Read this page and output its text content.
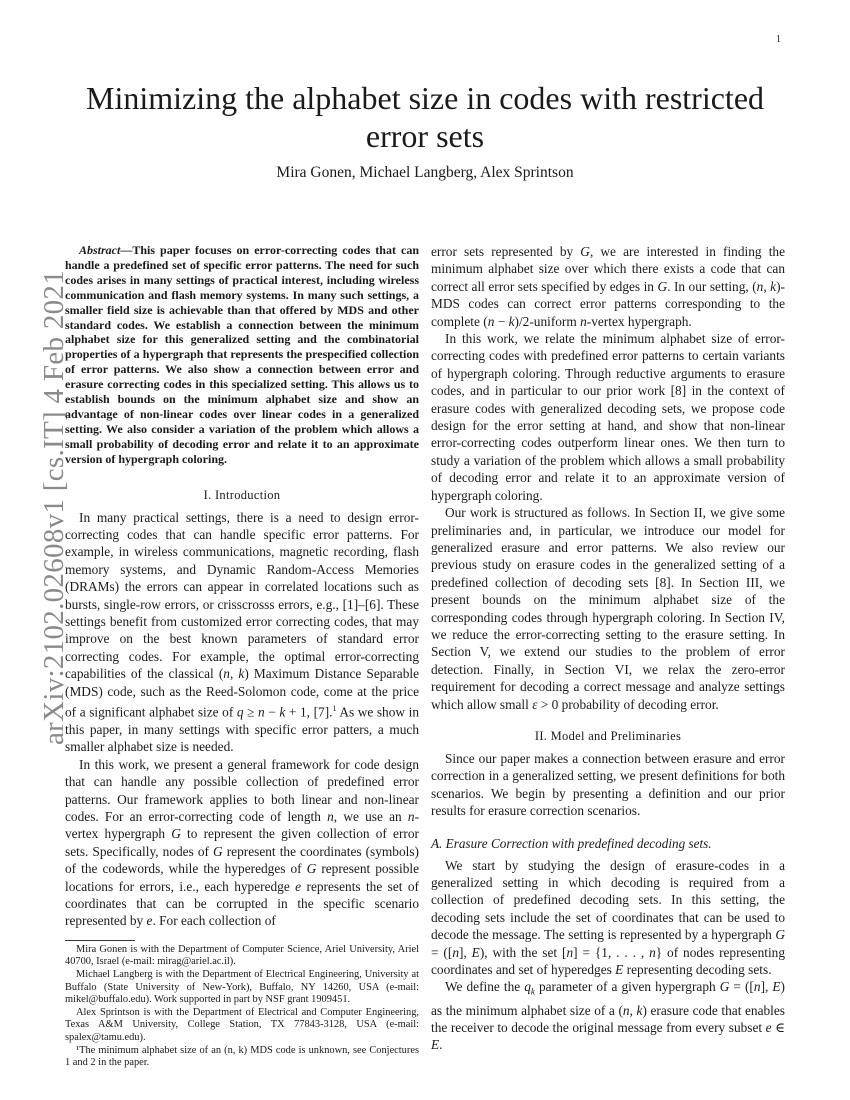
1
arXiv:2102.02608v1 [cs.IT] 4 Feb 2021
Minimizing the alphabet size in codes with restricted error sets
Mira Gonen, Michael Langberg, Alex Sprintson

Abstract—This paper focuses on error-correcting codes that can handle a predefined set of specific error patterns. The need for such codes arises in many settings of practical interest, including wireless communication and flash memory systems. In many such settings, a smaller field size is achievable than that offered by MDS and other standard codes. We establish a connection between the minimum alphabet size for this generalized setting and the combinatorial properties of a hypergraph that represents the prespecified collection of error patterns. We also show a connection between error and erasure correcting codes in this specialized setting. This allows us to establish bounds on the minimum alphabet size and show an advantage of non-linear codes over linear codes in a generalized setting. We also consider a variation of the problem which allows a small probability of decoding error and relate it to an approximate version of hypergraph coloring.

I. Introduction

In many practical settings, there is a need to design error-correcting codes that can handle specific error patterns. For example, in wireless communications, magnetic recording, flash memory systems, and Dynamic Random-Access Memories (DRAMs) the errors can appear in correlated locations such as bursts, single-row errors, or crisscrosss errors, e.g., [1]–[6]. These settings benefit from customized error correcting codes, that may improve on the best known parameters of standard error correcting codes. For example, the optimal error-correcting capabilities of the classical (n, k) Maximum Distance Separable (MDS) code, such as the Reed-Solomon code, come at the price of a significant alphabet size of q ≥ n − k + 1, [7].$^1$ As we show in this paper, in many settings with specific error patters, a much smaller alphabet size is needed.

In this work, we present a general framework for code design that can handle any possible collection of predefined error patterns. Our framework applies to both linear and non-linear codes. For an error-correcting code of length n, we use an n-vertex hypergraph G to represent the given collection of error sets. Specifically, nodes of G represent the coordinates (symbols) of the codewords, while the hyperedges of G represent possible locations for errors, i.e., each hyperedge e represents the set of coordinates that can be corrupted in the specific scenario represented by e. For each collection of

Mira Gonen is with the Department of Computer Science, Ariel University, Ariel 40700, Israel (e-mail: mirag@ariel.ac.il).

Michael Langberg is with the Department of Electrical Engineering, University at Buffalo (State University of New-York), Buffalo, NY 14260, USA (e-mail: mikel@buffalo.edu). Work supported in part by NSF grant 1909451.

Alex Sprintson is with the Department of Electrical and Computer Engineering, Texas A&M University, College Station, TX 77843-3128, USA (e-mail: spalex@tamu.edu).

¹The minimum alphabet size of an (n, k) MDS code is unknown, see Conjectures 1 and 2 in the paper.

error sets represented by G, we are interested in finding the minimum alphabet size over which there exists a code that can correct all error sets specified by edges in G. In our setting, (n, k)-MDS codes can correct error patterns corresponding to the complete (n − k)/2-uniform n-vertex hypergraph.

In this work, we relate the minimum alphabet size of error-correcting codes with predefined error patterns to certain variants of hypergraph coloring. Through reductive arguments to erasure codes, and in particular to our prior work [8] in the context of erasure codes with generalized decoding sets, we propose code design for the error setting at hand, and show that non-linear error-correcting codes outperform linear ones. We then turn to study a variation of the problem which allows a small probability of decoding error and relate it to an approximate version of hypergraph coloring.

Our work is structured as follows. In Section II, we give some preliminaries and, in particular, we introduce our model for generalized erasure and error patterns. We also review our previous study on erasure codes in the generalized setting of a predefined collection of decoding sets [8]. In Section III, we present bounds on the minimum alphabet size of the corresponding codes through hypergraph coloring. In Section IV, we reduce the error-correcting setting to the erasure setting. In Section V, we extend our studies to the problem of error detection. Finally, in Section VI, we relax the zero-error requirement for decoding a correct message and analyze settings which allow small ε > 0 probability of decoding error.

II. Model and Preliminaries

Since our paper makes a connection between erasure and error correction in a generalized setting, we present definitions for both scenarios. We begin by presenting a definition and our prior results for erasure correction scenarios.

A. Erasure Correction with predefined decoding sets.

We start by studying the design of erasure-codes in a generalized setting in which decoding is required from a collection of predefined decoding sets. In this setting, the decoding sets include the set of coordinates that can be used to decode the message. The setting is represented by a hypergraph G = ([n], E), with the set [n] = {1, . . . , n} of nodes representing coordinates and set of hyperedges E representing decoding sets.

We define the $q_k$ parameter of a given hypergraph G = ([n], E) as the minimum alphabet size of a (n, k) erasure code that enables the receiver to decode the original message from every subset e ∈ E.
